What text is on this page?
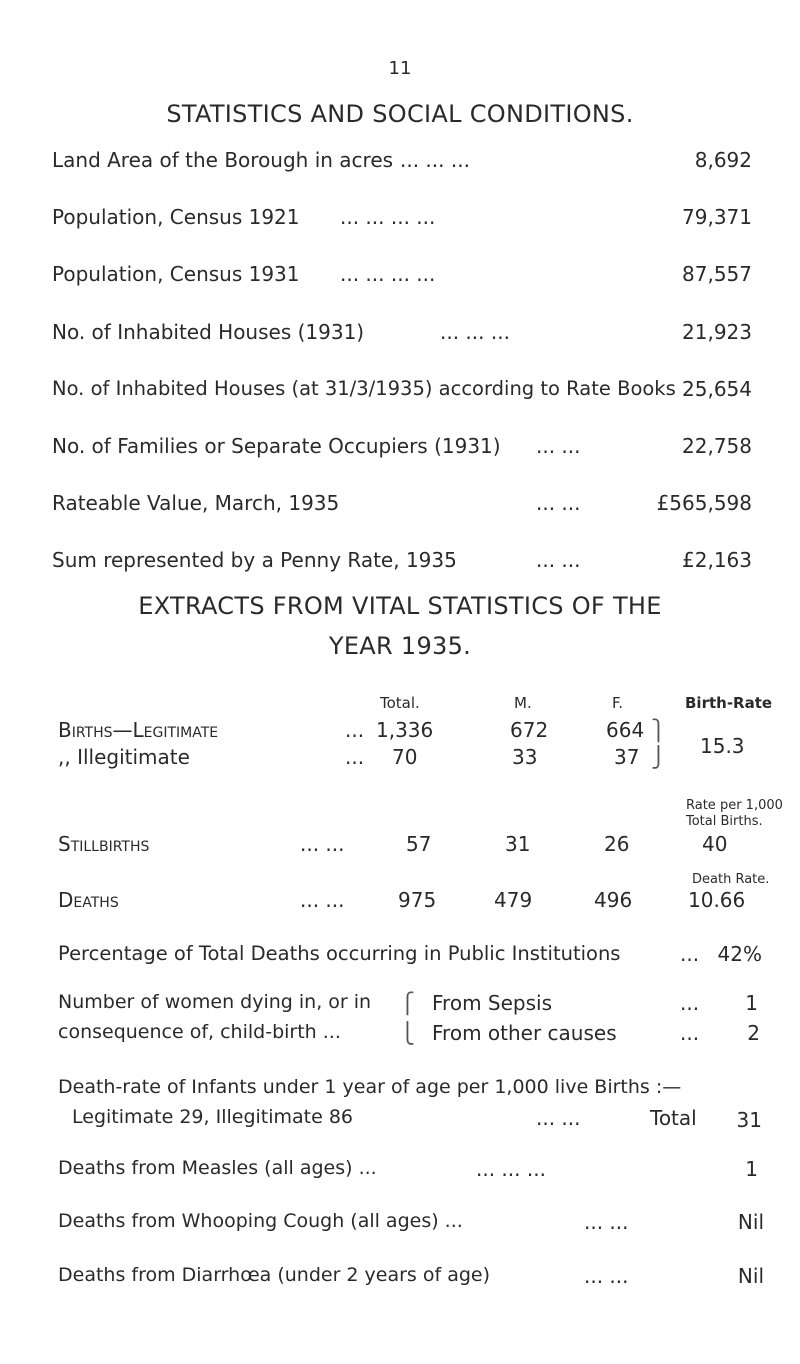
11
STATISTICS AND SOCIAL CONDITIONS.
Land Area of the Borough in acres ... ... ...	8,692
Population, Census 1921 ... ... ... ...	79,371
Population, Census 1931 ... ... ... ...	87,557
No. of Inhabited Houses (1931)	... ... ...	21,923
No. of Inhabited Houses (at 31/3/1935) according to Rate Books 25,654
No. of Families or Separate Occupiers (1931) ... ...	22,758
Rateable Value, March, 1935	... ...	£565,598
Sum represented by a Penny Rate, 1935	... ...	£2,163
EXTRACTS FROM VITAL STATISTICS OF THE
YEAR 1935.
Total.	M.	F.	Birth-Rate
Births—Legitimate	... 1,336	672	664
,, Illegitimate	... 70	33	37
⎫
⎭ 15.3
Rate per 1,000
Total Births.
Stillbirths	... ...	57	31	26	40
Death Rate.
Deaths	... ...	975	479	496	10.66
Percentage of Total Deaths occurring in Public Institutions	... 42%
Number of women dying in, or in
consequence of, child-birth ...
⎧
⎩
From Sepsis	... 1
From other causes	... 2
Death-rate of Infants under 1 year of age per 1,000 live Births :—
Legitimate 29, Illegitimate 86	... ...	Total 31
Deaths from Measles (all ages) ...	... ... ...	1
Deaths from Whooping Cough (all ages) ...	... ...	Nil
Deaths from Diarrhœa (under 2 years of age)	... ...	Nil
